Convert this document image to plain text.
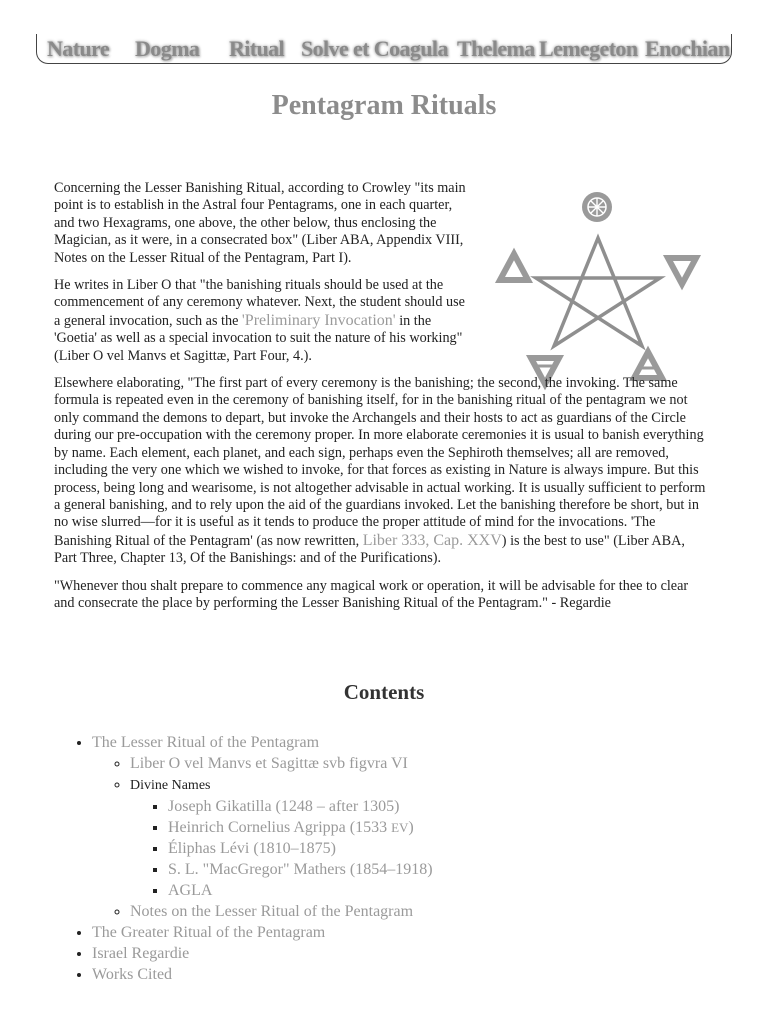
Nature Dogma Ritual Solve et Coagula Thelema Lemegeton Enochian
Pentagram Rituals

Concerning the Lesser Banishing Ritual, according to Crowley "its main point is to establish in the Astral four Pentagrams, one in each quarter, and two Hexagrams, one above, the other below, thus enclosing the Magician, as it were, in a consecrated box" (Liber ABA, Appendix VIII, Notes on the Lesser Ritual of the Pentagram, Part I).

He writes in Liber O that "the banishing rituals should be used at the commencement of any ceremony whatever. Next, the student should use a general invocation, such as the 'Preliminary Invocation' in the 'Goetia' as well as a special invocation to suit the nature of his working" (Liber O vel Manvs et Sagittæ, Part Four, 4.).

Elsewhere elaborating, "The first part of every ceremony is the banishing; the second, the invoking. The same formula is repeated even in the ceremony of banishing itself, for in the banishing ritual of the pentagram we not only command the demons to depart, but invoke the Archangels and their hosts to act as guardians of the Circle during our pre-occupation with the ceremony proper. In more elaborate ceremonies it is usual to banish everything by name. Each element, each planet, and each sign, perhaps even the Sephiroth themselves; all are removed, including the very one which we wished to invoke, for that forces as existing in Nature is always impure. But this process, being long and wearisome, is not altogether advisable in actual working. It is usually sufficient to perform a general banishing, and to rely upon the aid of the guardians invoked. Let the banishing therefore be short, but in no wise slurred—for it is useful as it tends to produce the proper attitude of mind for the invocations. 'The Banishing Ritual of the Pentagram' (as now rewritten, Liber 333, Cap. XXV) is the best to use" (Liber ABA, Part Three, Chapter 13, Of the Banishings: and of the Purifications).

"Whenever thou shalt prepare to commence any magical work or operation, it will be advisable for thee to clear and consecrate the place by performing the Lesser Banishing Ritual of the Pentagram." - Regardie

Contents
• The Lesser Ritual of the Pentagram
◦ Liber O vel Manvs et Sagittæ svb figvra VI
◦ Divine Names
▪ Joseph Gikatilla (1248 – after 1305)
▪ Heinrich Cornelius Agrippa (1533 EV)
▪ Éliphas Lévi (1810–1875)
▪ S. L. "MacGregor" Mathers (1854–1918)
▪ AGLA
◦ Notes on the Lesser Ritual of the Pentagram
• The Greater Ritual of the Pentagram
• Israel Regardie
• Works Cited
